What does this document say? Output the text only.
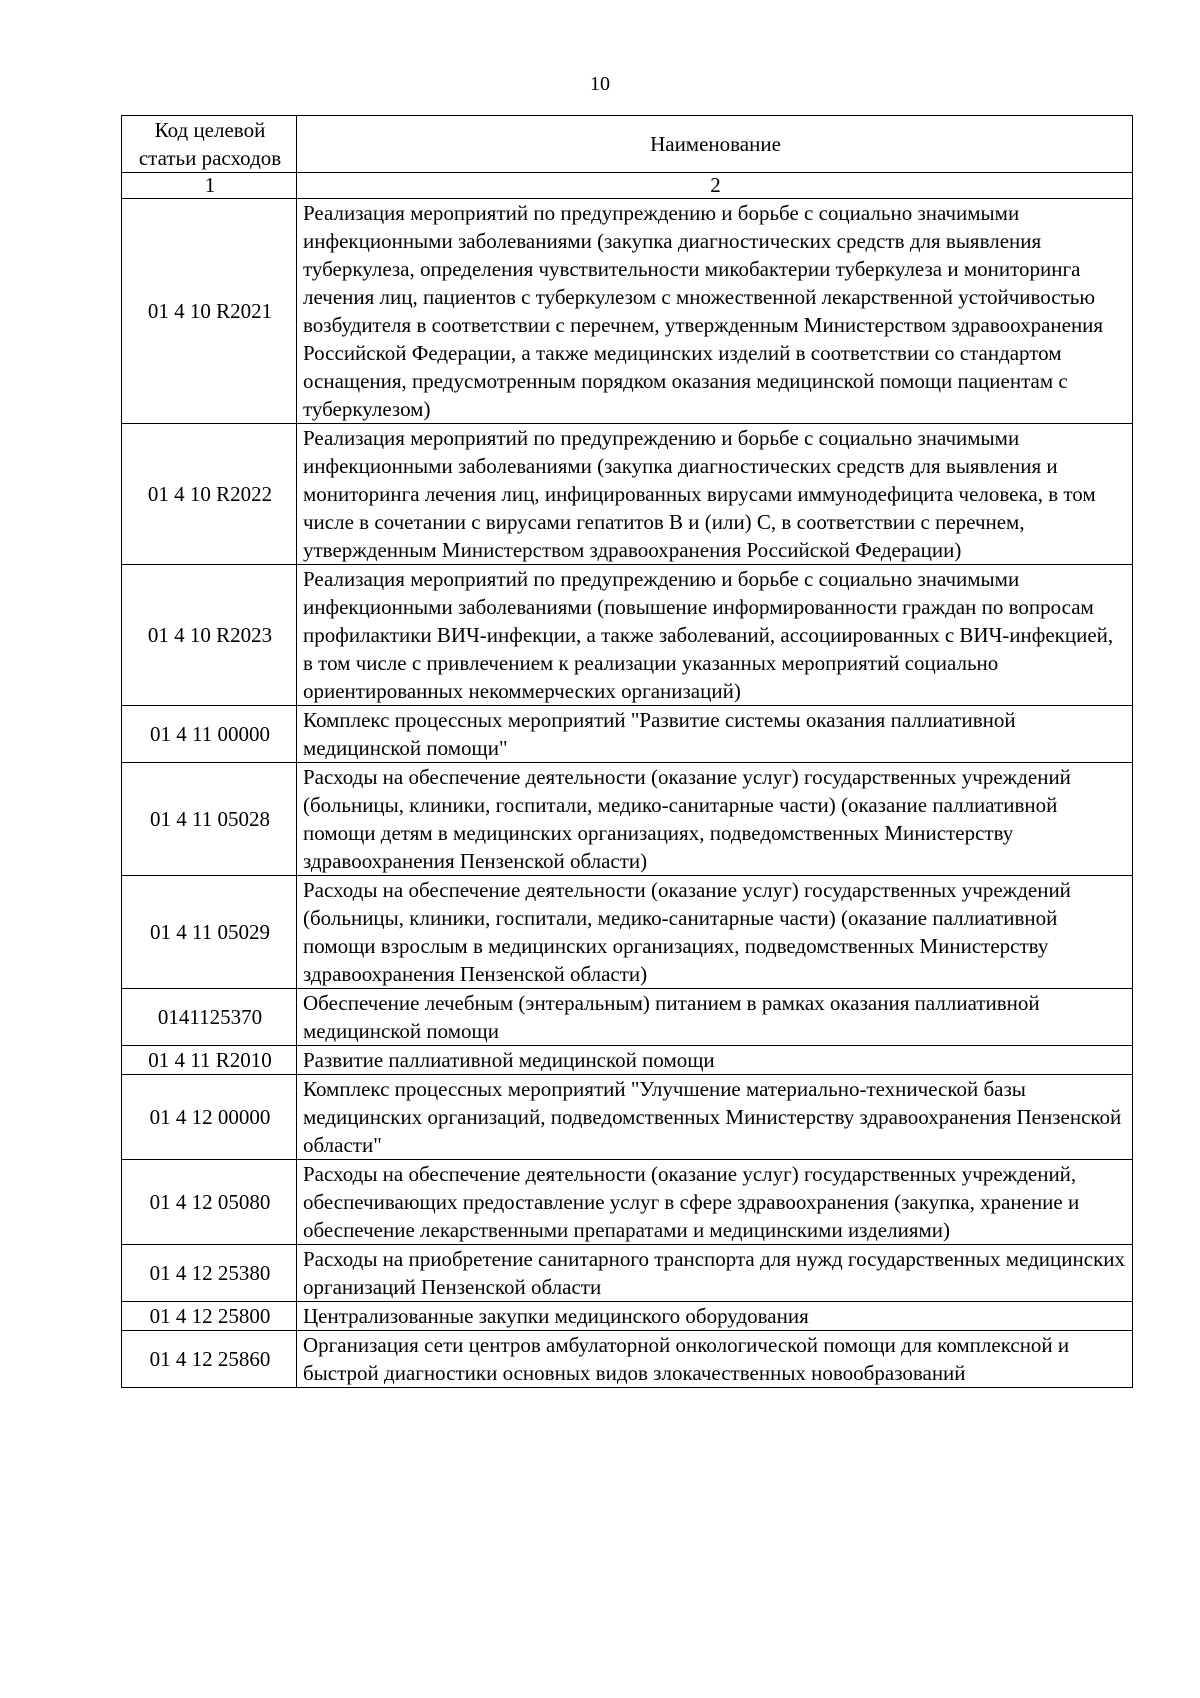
10
Код целевой статьи расходов	Наименование
1	2
01 4 10 R2021	Реализация мероприятий по предупреждению и борьбе с социально значимыми инфекционными заболеваниями (закупка диагностических средств для выявления туберкулеза, определения чувствительности микобактерии туберкулеза и мониторинга лечения лиц, пациентов с туберкулезом с множественной лекарственной устойчивостью возбудителя в соответствии с перечнем, утвержденным Министерством здравоохранения Российской Федерации, а также медицинских изделий в соответствии со стандартом оснащения, предусмотренным порядком оказания медицинской помощи пациентам с туберкулезом)
01 4 10 R2022	Реализация мероприятий по предупреждению и борьбе с социально значимыми инфекционными заболеваниями (закупка диагностических средств для выявления и мониторинга лечения лиц, инфицированных вирусами иммунодефицита человека, в том числе в сочетании с вирусами гепатитов B и (или) C, в соответствии с перечнем, утвержденным Министерством здравоохранения Российской Федерации)
01 4 10 R2023	Реализация мероприятий по предупреждению и борьбе с социально значимыми инфекционными заболеваниями (повышение информированности граждан по вопросам профилактики ВИЧ-инфекции, а также заболеваний, ассоциированных с ВИЧ-инфекцией, в том числе с привлечением к реализации указанных мероприятий социально ориентированных некоммерческих организаций)
01 4 11 00000	Комплекс процессных мероприятий "Развитие системы оказания паллиативной медицинской помощи"
01 4 11 05028	Расходы на обеспечение деятельности (оказание услуг) государственных учреждений (больницы, клиники, госпитали, медико-санитарные части) (оказание паллиативной помощи детям в медицинских организациях, подведомственных Министерству здравоохранения Пензенской области)
01 4 11 05029	Расходы на обеспечение деятельности (оказание услуг) государственных учреждений (больницы, клиники, госпитали, медико-санитарные части) (оказание паллиативной помощи взрослым в медицинских организациях, подведомственных Министерству здравоохранения Пензенской области)
0141125370	Обеспечение лечебным (энтеральным) питанием в рамках оказания паллиативной медицинской помощи
01 4 11 R2010	Развитие паллиативной медицинской помощи
01 4 12 00000	Комплекс процессных мероприятий "Улучшение материально-технической базы медицинских организаций, подведомственных Министерству здравоохранения Пензенской области"
01 4 12 05080	Расходы на обеспечение деятельности (оказание услуг) государственных учреждений, обеспечивающих предоставление услуг в сфере здравоохранения (закупка, хранение и обеспечение лекарственными препаратами и медицинскими изделиями)
01 4 12 25380	Расходы на приобретение санитарного транспорта для нужд государственных медицинских организаций Пензенской области
01 4 12 25800	Централизованные закупки медицинского оборудования
01 4 12 25860	Организация сети центров амбулаторной онкологической помощи для комплексной и быстрой диагностики основных видов злокачественных новообразований
